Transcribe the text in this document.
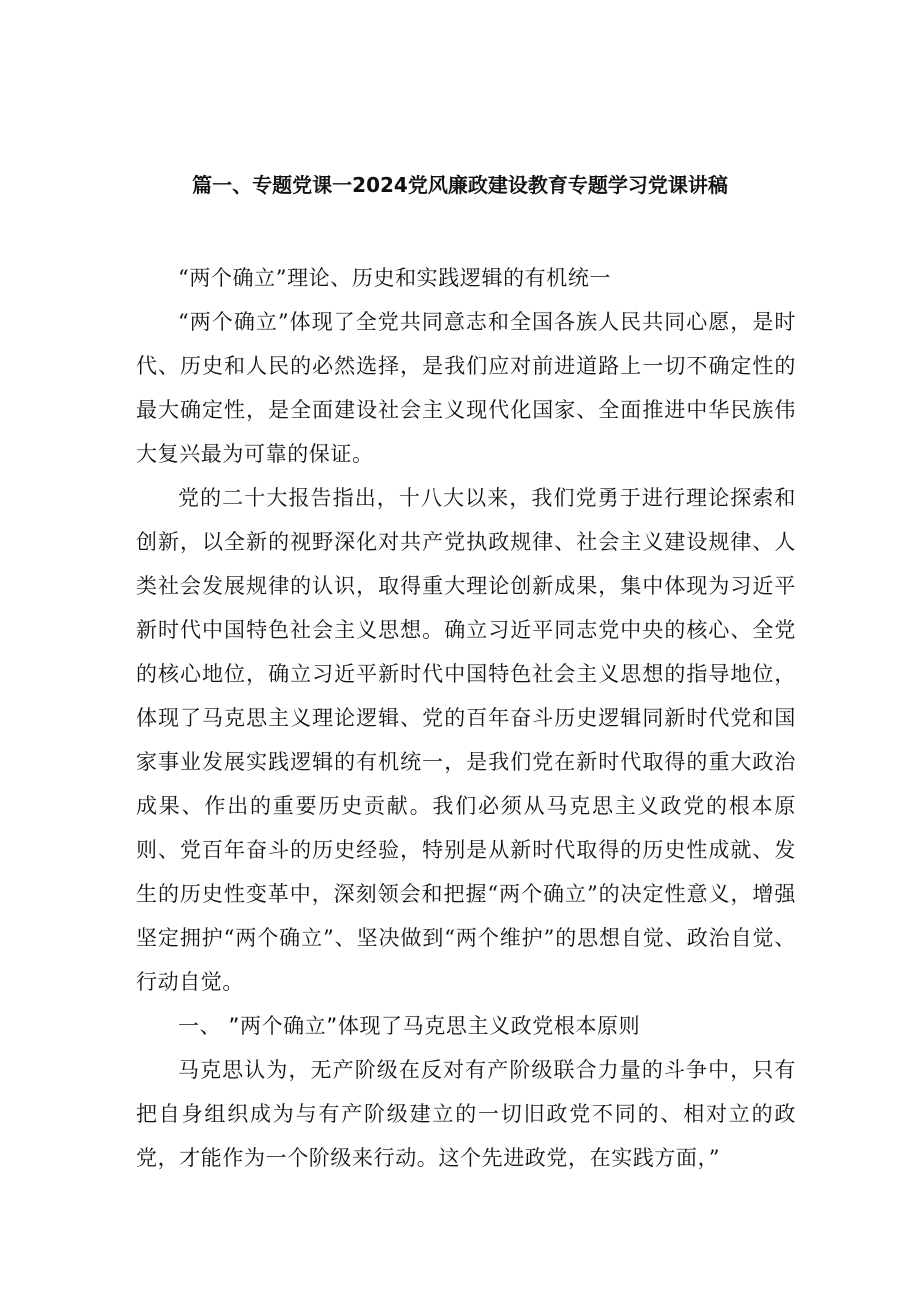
篇一、专题党课一2024党风廉政建设教育专题学习党课讲稿

“两个确立”理论、历史和实践逻辑的有机统一

“两个确立”体现了全党共同意志和全国各族人民共同心愿，是时代、历史和人民的必然选择，是我们应对前进道路上一切不确定性的最大确定性，是全面建设社会主义现代化国家、全面推进中华民族伟大复兴最为可靠的保证。

党的二十大报告指出，十八大以来，我们党勇于进行理论探索和创新，以全新的视野深化对共产党执政规律、社会主义建设规律、人类社会发展规律的认识，取得重大理论创新成果，集中体现为习近平新时代中国特色社会主义思想。确立习近平同志党中央的核心、全党的核心地位，确立习近平新时代中国特色社会主义思想的指导地位，体现了马克思主义理论逻辑、党的百年奋斗历史逻辑同新时代党和国家事业发展实践逻辑的有机统一，是我们党在新时代取得的重大政治成果、作出的重要历史贡献。我们必须从马克思主义政党的根本原则、党百年奋斗的历史经验，特别是从新时代取得的历史性成就、发生的历史性变革中，深刻领会和把握“两个确立”的决定性意义，增强坚定拥护“两个确立”、坚决做到“两个维护”的思想自觉、政治自觉、行动自觉。

一、 ”两个确立”体现了马克思主义政党根本原则

马克思认为，无产阶级在反对有产阶级联合力量的斗争中，只有把自身组织成为与有产阶级建立的一切旧政党不同的、相对立的政党，才能作为一个阶级来行动。这个先进政党，在实践方面，”
